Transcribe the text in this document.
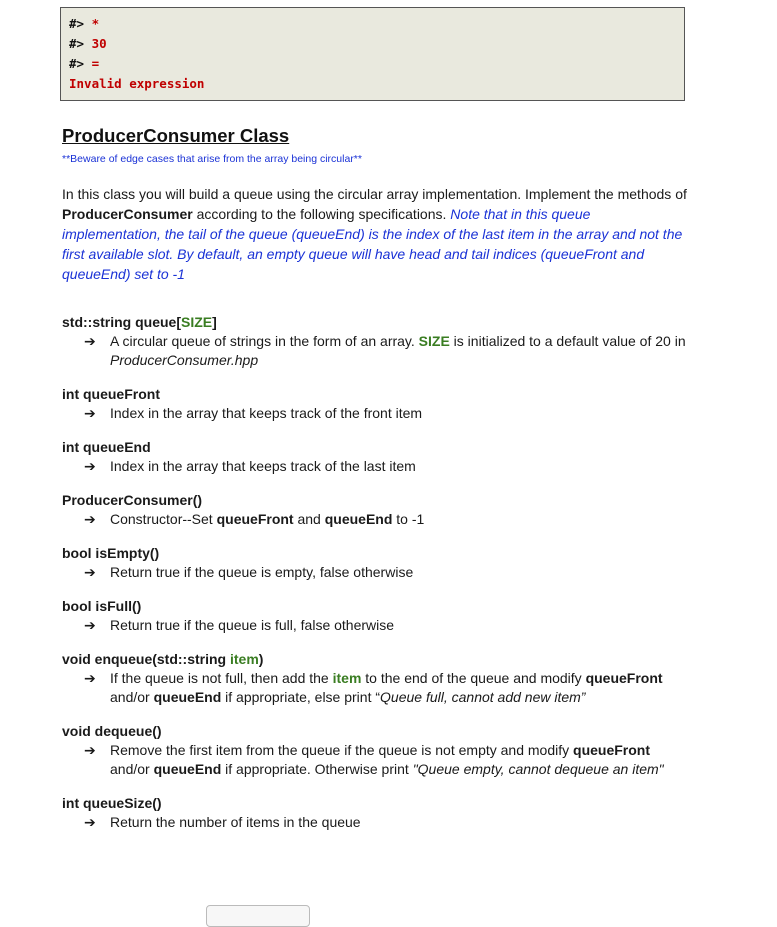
#> *
#> 30
#> =
Invalid expression
ProducerConsumer Class
**Beware of edge cases that arise from the array being circular**
In this class you will build a queue using the circular array implementation. Implement the methods of ProducerConsumer according to the following specifications. Note that in this queue implementation, the tail of the queue (queueEnd) is the index of the last item in the array and not the first available slot. By default, an empty queue will have head and tail indices (queueFront and queueEnd) set to -1
std::string queue[SIZE]
➔	A circular queue of strings in the form of an array. SIZE is initialized to a default value of 20 in ProducerConsumer.hpp
int queueFront
➔	Index in the array that keeps track of the front item
int queueEnd
➔	Index in the array that keeps track of the last item
ProducerConsumer()
➔	Constructor--Set queueFront and queueEnd to -1
bool isEmpty()
➔	Return true if the queue is empty, false otherwise
bool isFull()
➔	Return true if the queue is full, false otherwise
void enqueue(std::string item)
➔	If the queue is not full, then add the item to the end of the queue and modify queueFront and/or queueEnd if appropriate, else print “Queue full, cannot add new item”
void dequeue()
➔	Remove the first item from the queue if the queue is not empty and modify queueFront and/or queueEnd if appropriate. Otherwise print "Queue empty, cannot dequeue an item"
int queueSize()
➔	Return the number of items in the queue
